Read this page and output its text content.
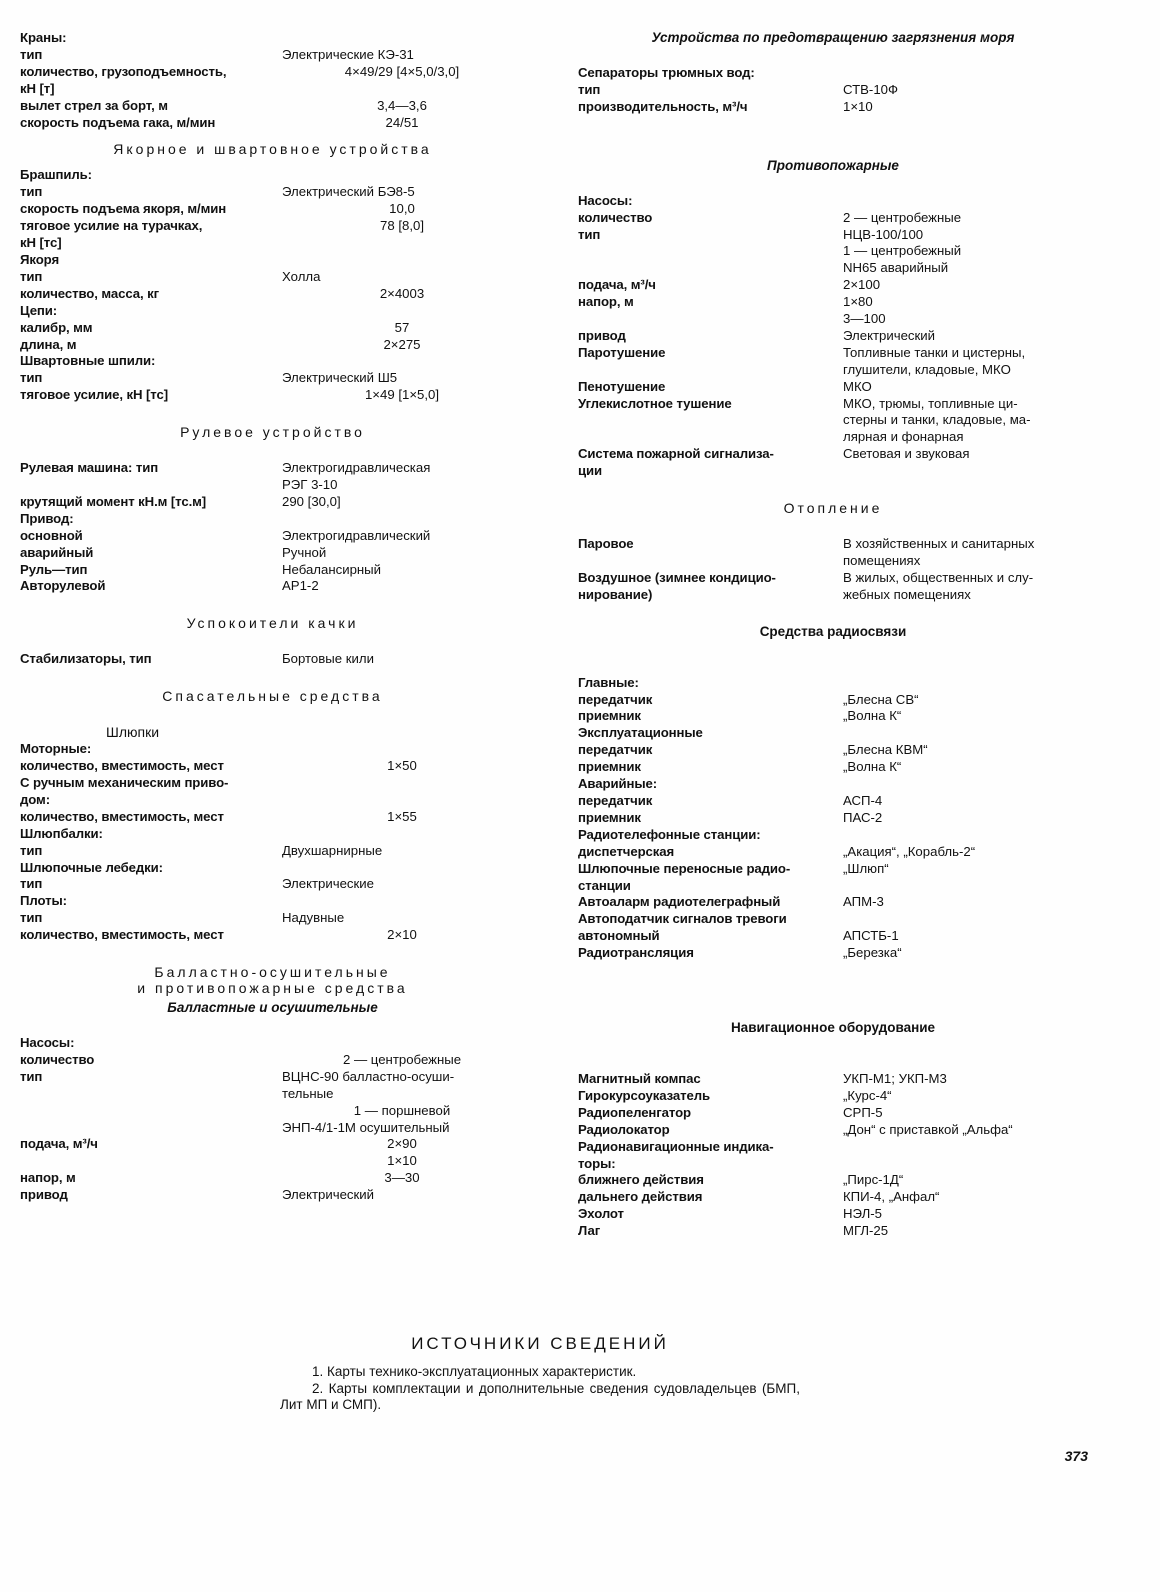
Краны:
тип	Электрические КЭ-31
количество, грузоподъемность,	4×49/29 [4×5,0/3,0]
кН [т]
вылет стрел за борт, м	3,4—3,6
скорость подъема гака, м/мин	24/51
Якорное и швартовное устройства
Брашпиль:
тип	Электрический БЭ8-5
скорость подъема якоря, м/мин	10,0
тяговое усилие на турачках,	78 [8,0]
кН [тс]
Якоря
тип	Холла
количество, масса, кг	2×4003
Цепи:
калибр, мм	57
длина, м	2×275
Швартовные шпили:
тип	Электрический Ш5
тяговое усилие, кН [тс]	1×49 [1×5,0]
Рулевое устройство
Рулевая машина: тип	Электрогидравлическая
РЭГ 3-10
крутящий момент кН.м [тс.м]	290 [30,0]
Привод:
основной	Электрогидравлический
аварийный	Ручной
Руль—тип	Небалансирный
Авторулевой	АР1-2
Успокоители качки
Стабилизаторы, тип	Бортовые кили
Спасательные средства
Шлюпки
Моторные:
количество, вместимость, мест	1×50
С ручным механическим приво-
дом:
количество, вместимость, мест	1×55
Шлюпбалки:
тип	Двухшарнирные
Шлюпочные лебедки:
тип	Электрические
Плоты:
тип	Надувные
количество, вместимость, мест	2×10
Балластно-осушительные
и противопожарные средства
Балластные и осушительные
Насосы:
количество	2 — центробежные
тип	ВЦНС-90 балластно-осуши-
тельные
1 — поршневой
ЭНП-4/1-1М осушительный
подача, м³/ч	2×90
1×10
напор, м	3—30
привод	Электрический
Устройства по предотвращению загрязнения моря
Сепараторы трюмных вод:
тип	СТВ-10Ф
производительность, м³/ч	1×10
Противопожарные
Насосы:
количество	2 — центробежные
тип	НЦВ-100/100
1 — центробежный
NН65 аварийный
подача, м³/ч	2×100
напор, м	1×80
3—100
привод	Электрический
Паротушение	Топливные танки и цистерны,
глушители, кладовые, МКО
Пенотушение	МКО
Углекислотное тушение	МКО, трюмы, топливные ци-
стерны и танки, кладовые, ма-
лярная и фонарная
Система пожарной сигнализа-	Световая и звуковая
ции
Отопление
Паровое	В хозяйственных и санитарных
помещениях
Воздушное (зимнее кондицио-	В жилых, общественных и слу-
нирование)	жебных помещениях
Средства радиосвязи
Главные:
передатчик	„Блесна СВ“
приемник	„Волна К“
Эксплуатационные
передатчик	„Блесна КВМ“
приемник	„Волна К“
Аварийные:
передатчик	АСП-4
приемник	ПАС-2
Радиотелефонные станции:
диспетчерская	„Акация“, „Корабль-2“
Шлюпочные переносные радио-	„Шлюп“
станции
Автоаларм радиотелеграфный	АПМ-3
Автоподатчик сигналов тревоги
автономный	АПСТБ-1
Радиотрансляция	„Березка“
Навигационное оборудование
Магнитный компас	УКП-М1; УКП-М3
Гирокурсоуказатель	„Курс-4“
Радиопеленгатор	СРП-5
Радиолокатор	„Дон“ с приставкой „Альфа“
Радионавигационные индика-
торы:
ближнего действия	„Пирс-1Д“
дальнего действия	КПИ-4, „Анфал“
Эхолот	НЭЛ-5
Лаг	МГЛ-25
ИСТОЧНИКИ СВЕДЕНИЙ
1. Карты технико-эксплуатационных характеристик.
2. Карты комплектации и дополнительные сведения судовладельцев (БМП, Лит МП и СМП).
373
